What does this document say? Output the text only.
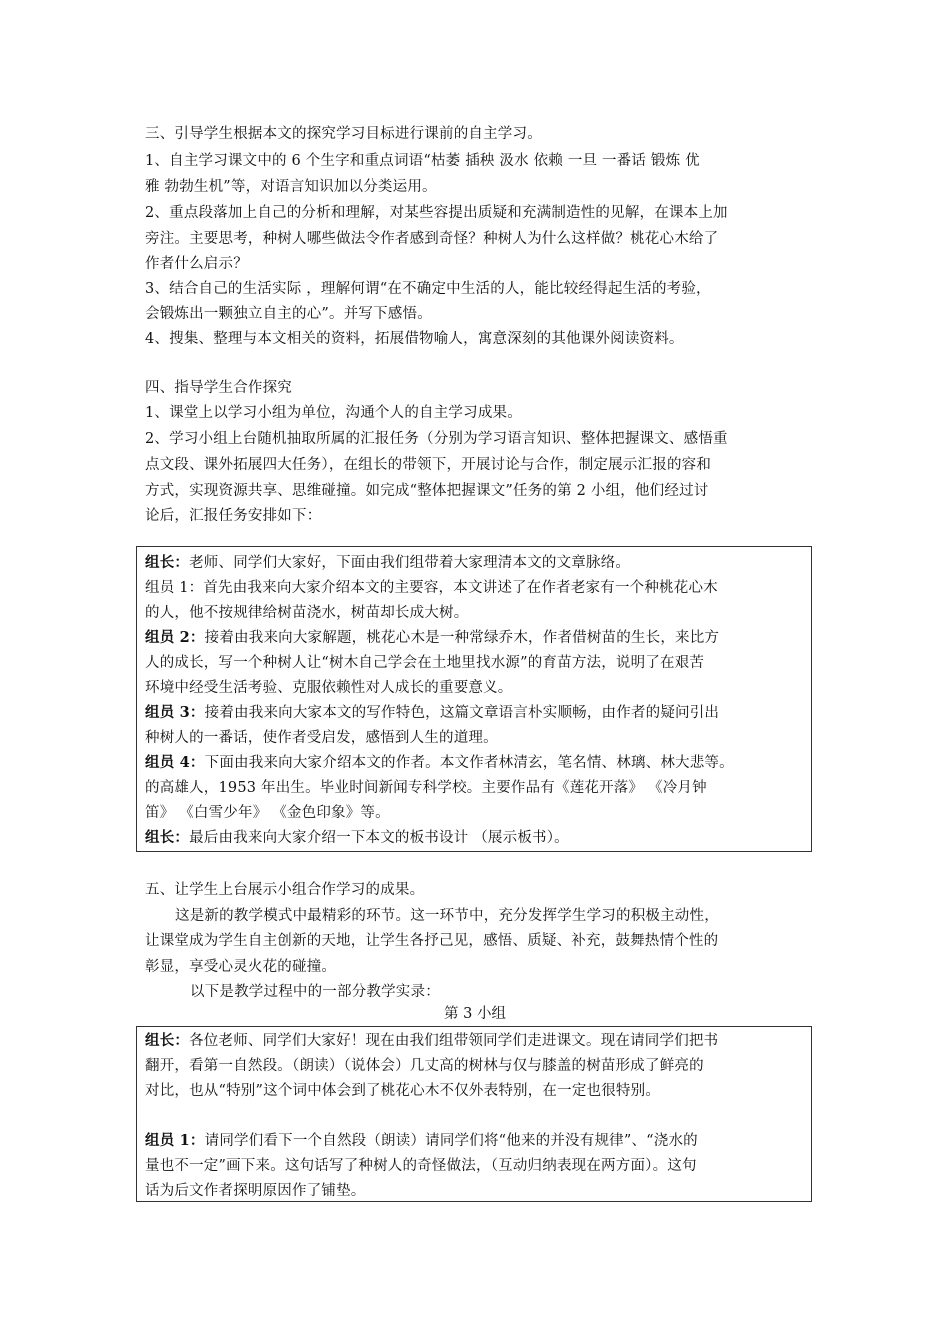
三、引导学生根据本文的探究学习目标进行课前的自主学习。
1、自主学习课文中的 6 个生字和重点词语“枯萎 插秧 汲水 依赖 一旦 一番话 锻炼 优
雅 勃勃生机”等，对语言知识加以分类运用。
2、重点段落加上自己的分析和理解，对某些容提出质疑和充满制造性的见解，在课本上加
旁注。主要思考，种树人哪些做法令作者感到奇怪？种树人为什么这样做？桃花心木给了
作者什么启示？
3、结合自己的生活实际 ，理解何谓“在不确定中生活的人，能比较经得起生活的考验，
会锻炼出一颗独立自主的心”。并写下感悟。
4、搜集、整理与本文相关的资料，拓展借物喻人，寓意深刻的其他课外阅读资料。
四、指导学生合作探究
1、课堂上以学习小组为单位，沟通个人的自主学习成果。
2、学习小组上台随机抽取所属的汇报任务（分别为学习语言知识、整体把握课文、感悟重
点文段、课外拓展四大任务），在组长的带领下，开展讨论与合作，制定展示汇报的容和
方式，实现资源共享、思维碰撞。如完成“整体把握课文”任务的第 2 小组，他们经过讨
论后，汇报任务安排如下：
组长：老师、同学们大家好，下面由我们组带着大家理清本文的文章脉络。
组员 1：首先由我来向大家介绍本文的主要容，本文讲述了在作者老家有一个种桃花心木
的人，他不按规律给树苗浇水，树苗却长成大树。
组员 2：接着由我来向大家解题，桃花心木是一种常绿乔木，作者借树苗的生长，来比方
人的成长，写一个种树人让“树木自己学会在土地里找水源”的育苗方法，说明了在艰苦
环境中经受生活考验、克服依赖性对人成长的重要意义。
组员 3：接着由我来向大家本文的写作特色，这篇文章语言朴实顺畅，由作者的疑问引出
种树人的一番话，使作者受启发，感悟到人生的道理。
组员 4：下面由我来向大家介绍本文的作者。本文作者林清玄，笔名情、林璃、林大悲等。
的高雄人，1953 年出生。毕业时间新闻专科学校。主要作品有《莲花开落》 《冷月钟
笛》 《白雪少年》 《金色印象》等。
组长：最后由我来向大家介绍一下本文的板书设计 （展示板书）。
五、让学生上台展示小组合作学习的成果。
这是新的教学模式中最精彩的环节。这一环节中，充分发挥学生学习的积极主动性，
让课堂成为学生自主创新的天地，让学生各抒己见，感悟、质疑、补充，鼓舞热情个性的
彰显，享受心灵火花的碰撞。
以下是教学过程中的一部分教学实录：
第 3 小组
组长：各位老师、同学们大家好！现在由我们组带领同学们走进课文。现在请同学们把书
翻开，看第一自然段。（朗读）（说体会）几丈高的树林与仅与膝盖的树苗形成了鲜亮的
对比，也从“特别”这个词中体会到了桃花心木不仅外表特别，在一定也很特别。
组员 1：请同学们看下一个自然段（朗读）请同学们将“他来的并没有规律”、“浇水的
量也不一定”画下来。这句话写了种树人的奇怪做法，（互动归纳表现在两方面）。这句
话为后文作者探明原因作了铺垫。
